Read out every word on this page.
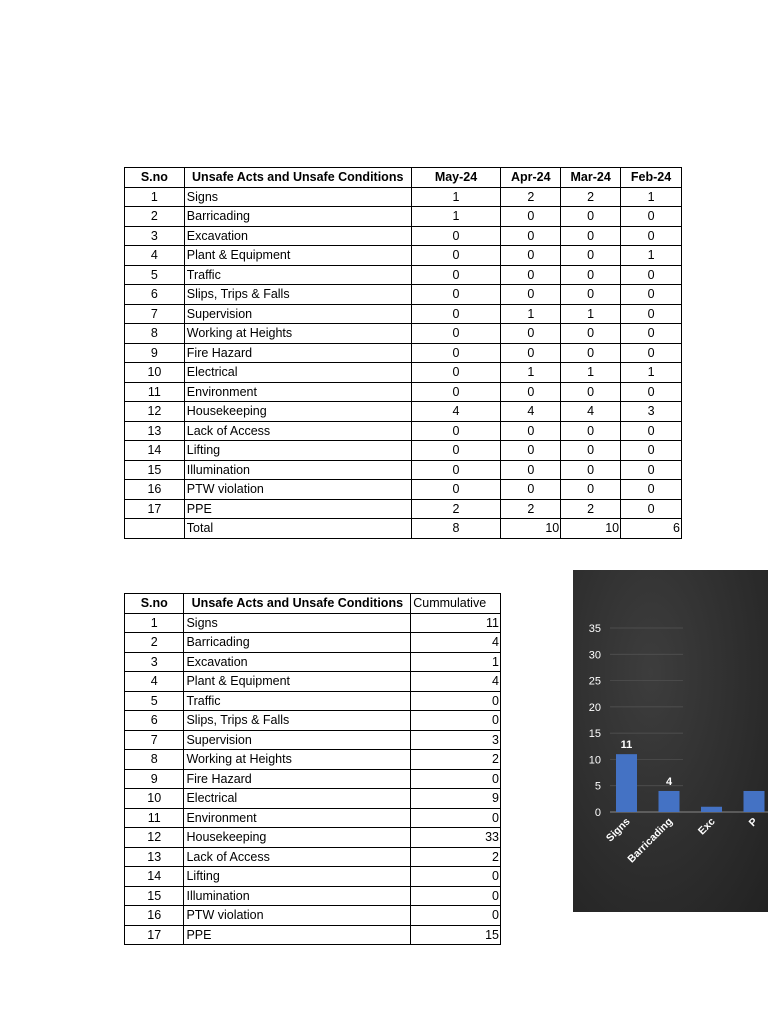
S.no	Unsafe Acts and Unsafe Conditions	May-24	Apr-24	Mar-24	Feb-24
1	Signs	1	2	2	1
2	Barricading	1	0	0	0
3	Excavation	0	0	0	0
4	Plant & Equipment	0	0	0	1
5	Traffic	0	0	0	0
6	Slips, Trips & Falls	0	0	0	0
7	Supervision	0	1	1	0
8	Working at Heights	0	0	0	0
9	Fire Hazard	0	0	0	0
10	Electrical	0	1	1	1
11	Environment	0	0	0	0
12	Housekeeping	4	4	4	3
13	Lack of Access	0	0	0	0
14	Lifting	0	0	0	0
15	Illumination	0	0	0	0
16	PTW violation	0	0	0	0
17	PPE	2	2	2	0
	Total	8	10	10	6
S.no	Unsafe Acts and Unsafe Conditions	Cummulative
1	Signs	11
2	Barricading	4
3	Excavation	1
4	Plant & Equipment	4
5	Traffic	0
6	Slips, Trips & Falls	0
7	Supervision	3
8	Working at Heights	2
9	Fire Hazard	0
10	Electrical	9
11	Environment	0
12	Housekeeping	33
13	Lack of Access	2
14	Lifting	0
15	Illumination	0
16	PTW violation	0
17	PPE	15
0
5
10
15
20
25
30
35
11
Signs
4
Barricading Exc	P
